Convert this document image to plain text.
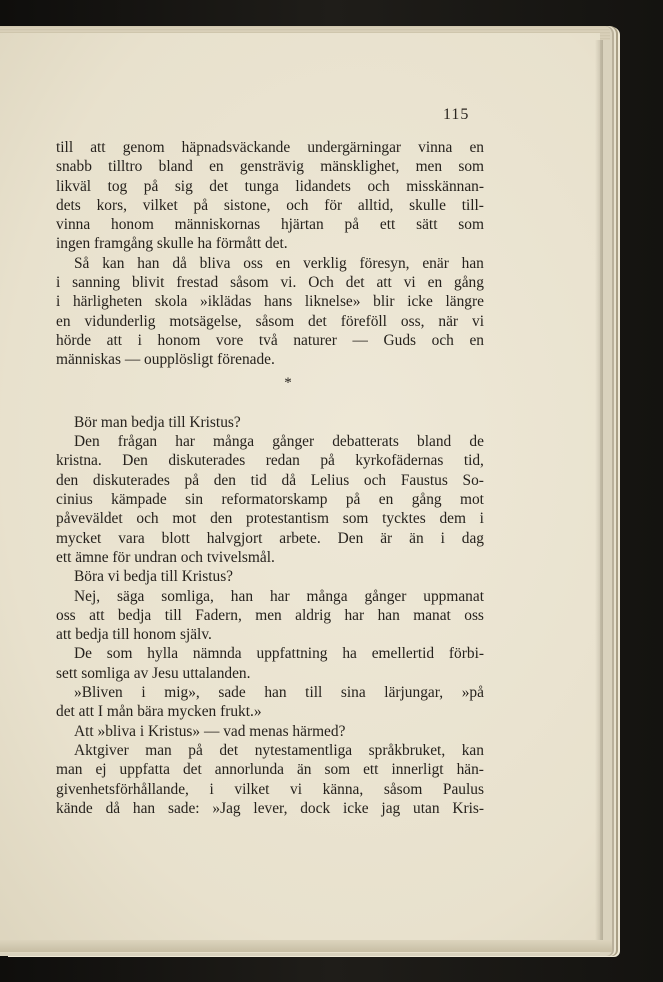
115
till att genom häpnadsväckande undergärningar vinna en
snabb tilltro bland en gensträvig mänsklighet, men som
likväl tog på sig det tunga lidandets och misskännan-
dets kors, vilket på sistone, och för alltid, skulle till-
vinna honom människornas hjärtan på ett sätt som
ingen framgång skulle ha förmått det.
Så kan han då bliva oss en verklig föresyn, enär han
i sanning blivit frestad såsom vi. Och det att vi en gång
i härligheten skola »iklädas hans liknelse» blir icke längre
en vidunderlig motsägelse, såsom det föreföll oss, när vi
hörde att i honom vore två naturer — Guds och en
människas — oupplösligt förenade.
*
Bör man bedja till Kristus?
Den frågan har många gånger debatterats bland de
kristna. Den diskuterades redan på kyrkofädernas tid,
den diskuterades på den tid då Lelius och Faustus So-
cinius kämpade sin reformatorskamp på en gång mot
påveväldet och mot den protestantism som tycktes dem i
mycket vara blott halvgjort arbete. Den är än i dag
ett ämne för undran och tvivelsmål.
Böra vi bedja till Kristus?
Nej, säga somliga, han har många gånger uppmanat
oss att bedja till Fadern, men aldrig har han manat oss
att bedja till honom själv.
De som hylla nämnda uppfattning ha emellertid förbi-
sett somliga av Jesu uttalanden.
»Bliven i mig», sade han till sina lärjungar, »på
det att I mån bära mycken frukt.»
Att »bliva i Kristus» — vad menas härmed?
Aktgiver man på det nytestamentliga språkbruket, kan
man ej uppfatta det annorlunda än som ett innerligt hän-
givenhetsförhållande, i vilket vi känna, såsom Paulus
kände då han sade: »Jag lever, dock icke jag utan Kris-
